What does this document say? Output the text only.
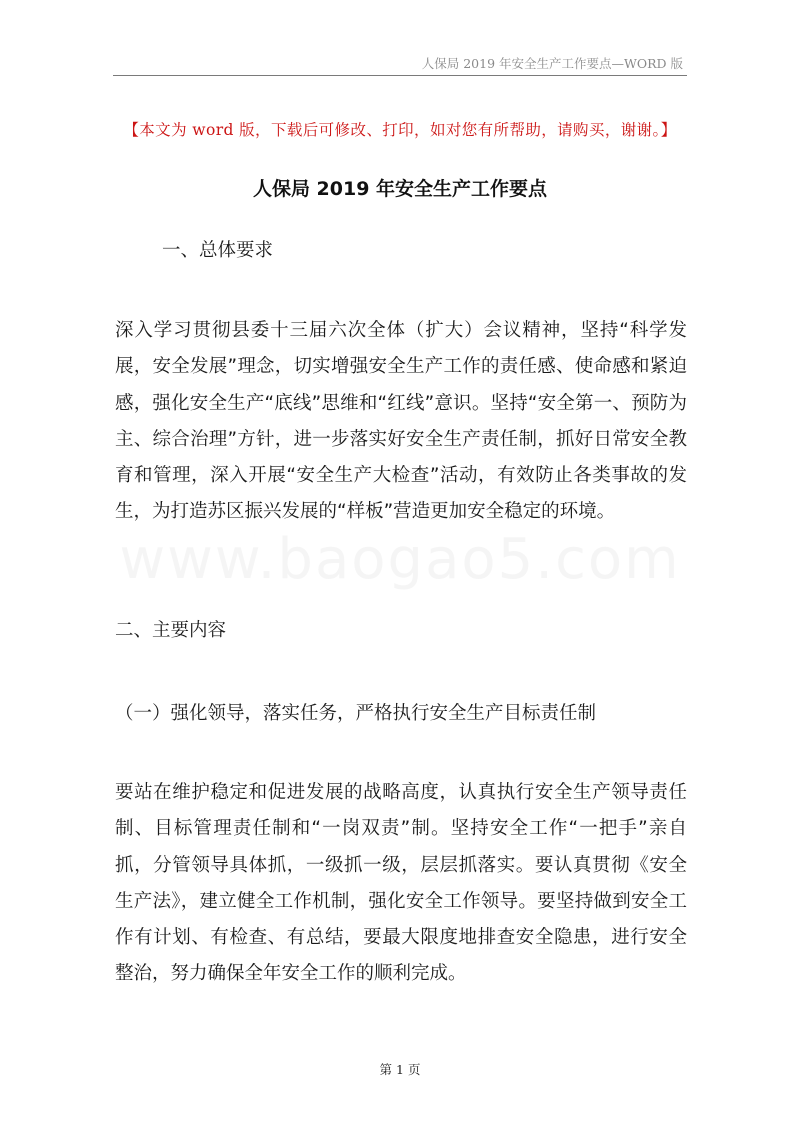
人保局 2019 年安全生产工作要点—WORD 版
【本文为 word 版，下载后可修改、打印，如对您有所帮助，请购买，谢谢。】
人保局 2019 年安全生产工作要点
一、总体要求
深入学习贯彻县委十三届六次全体（扩大）会议精神，坚持“科学发展，安全发展”理念，切实增强安全生产工作的责任感、使命感和紧迫感，强化安全生产“底线”思维和“红线”意识。坚持“安全第一、预防为主、综合治理”方针，进一步落实好安全生产责任制，抓好日常安全教育和管理，深入开展“安全生产大检查”活动，有效防止各类事故的发生，为打造苏区振兴发展的“样板”营造更加安全稳定的环境。
www.baogao5.com
二、主要内容
（一）强化领导，落实任务，严格执行安全生产目标责任制
要站在维护稳定和促进发展的战略高度，认真执行安全生产领导责任制、目标管理责任制和“一岗双责”制。坚持安全工作“一把手”亲自抓，分管领导具体抓，一级抓一级，层层抓落实。要认真贯彻《安全生产法》，建立健全工作机制，强化安全工作领导。要坚持做到安全工作有计划、有检查、有总结，要最大限度地排查安全隐患，进行安全整治，努力确保全年安全工作的顺利完成。
第 1 页
